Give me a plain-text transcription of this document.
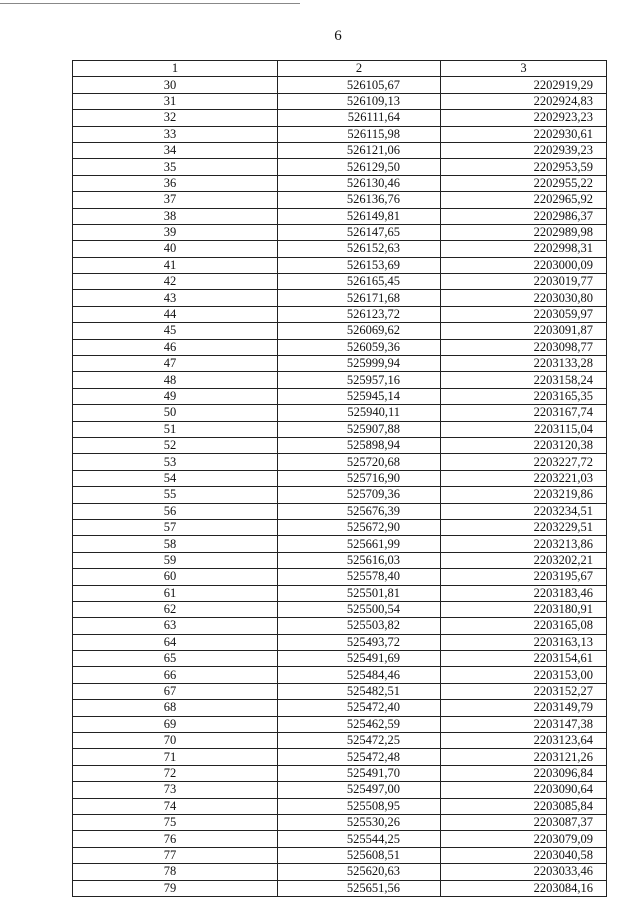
6
1	2	3
30	526105,67	2202919,29
31	526109,13	2202924,83
32	526111,64	2202923,23
33	526115,98	2202930,61
34	526121,06	2202939,23
35	526129,50	2202953,59
36	526130,46	2202955,22
37	526136,76	2202965,92
38	526149,81	2202986,37
39	526147,65	2202989,98
40	526152,63	2202998,31
41	526153,69	2203000,09
42	526165,45	2203019,77
43	526171,68	2203030,80
44	526123,72	2203059,97
45	526069,62	2203091,87
46	526059,36	2203098,77
47	525999,94	2203133,28
48	525957,16	2203158,24
49	525945,14	2203165,35
50	525940,11	2203167,74
51	525907,88	2203115,04
52	525898,94	2203120,38
53	525720,68	2203227,72
54	525716,90	2203221,03
55	525709,36	2203219,86
56	525676,39	2203234,51
57	525672,90	2203229,51
58	525661,99	2203213,86
59	525616,03	2203202,21
60	525578,40	2203195,67
61	525501,81	2203183,46
62	525500,54	2203180,91
63	525503,82	2203165,08
64	525493,72	2203163,13
65	525491,69	2203154,61
66	525484,46	2203153,00
67	525482,51	2203152,27
68	525472,40	2203149,79
69	525462,59	2203147,38
70	525472,25	2203123,64
71	525472,48	2203121,26
72	525491,70	2203096,84
73	525497,00	2203090,64
74	525508,95	2203085,84
75	525530,26	2203087,37
76	525544,25	2203079,09
77	525608,51	2203040,58
78	525620,63	2203033,46
79	525651,56	2203084,16
